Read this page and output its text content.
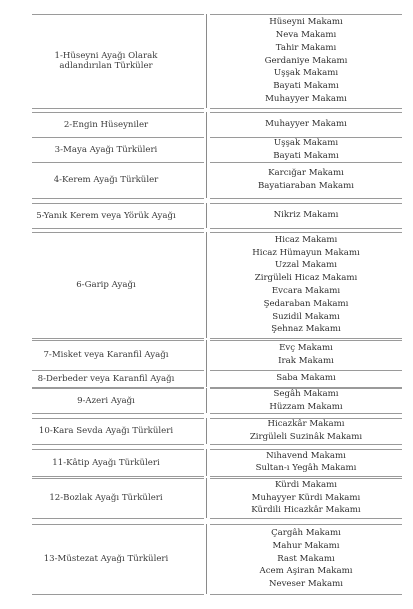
1-Hüseyni Ayağı Olarak
adlandırılan Türküler
Hüseyni Makamı
Neva Makamı
Tahir Makamı
Gerdaniye Makamı
Uşşak Makamı
Bayati Makamı
Muhayyer Makamı
2-Engin Hüseyniler	Muhayyer Makamı
3-Maya Ayağı Türküleri
Uşşak Makamı
Bayati Makamı
4-Kerem Ayağı Türküler
Karcığar Makamı
Bayatiaraban Makamı
5-Yanık Kerem veya Yörük Ayağı	Nikriz Makamı
6-Garip Ayağı
Hicaz Makamı
Hicaz Hümayun Makamı
Uzzal Makamı
Zirgüleli Hicaz Makamı
Evcara Makamı
Şedaraban Makamı
Suzidil Makamı
Şehnaz Makamı
7-Misket veya Karanfil Ayağı
Evç Makamı
Irak Makamı
8-Derbeder veya Karanfil Ayağı	Saba Makamı
9-Azeri Ayağı
Segâh Makamı
Hüzzam Makamı
10-Kara Sevda Ayağı Türküleri
Hicazkâr Makamı
Zirgüleli Suzinâk Makamı
11-Kâtip Ayağı Türküleri
Nihavend Makamı
Sultan-ı Yegâh Makamı
12-Bozlak Ayağı Türküleri
Kürdi Makamı
Muhayyer Kürdi Makamı
Kürdili Hicazkâr Makamı
13-Müstezat Ayağı Türküleri
Çargâh Makamı
Mahur Makamı
Rast Makamı
Acem Aşiran Makamı
Neveser Makamı
